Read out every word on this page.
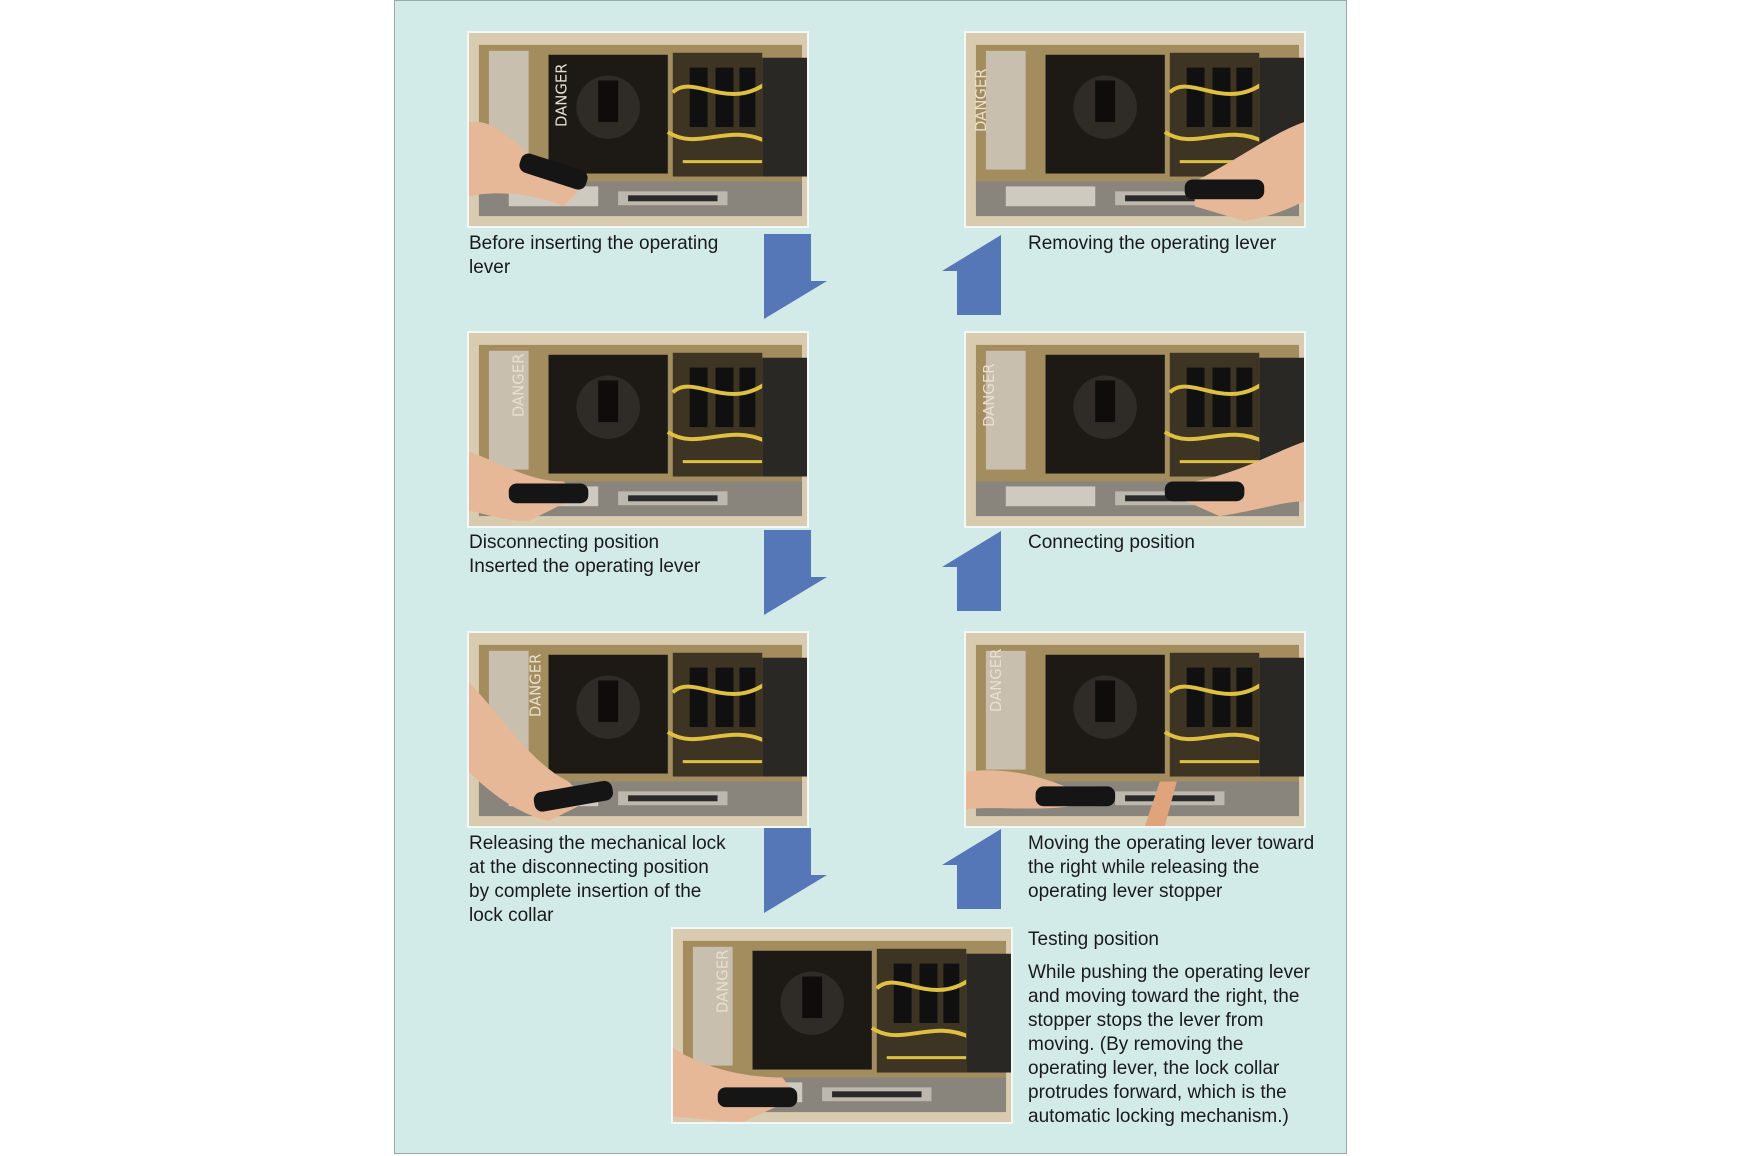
DANGER
DANGER
DANGER
DANGER
DANGER
DANGER
DANGER
Before inserting the operating
lever
Disconnecting position
Inserted the operating lever
Releasing the mechanical lock
at the disconnecting position
by complete insertion of the
lock collar
Testing position
While pushing the operating lever
and moving toward the right, the
stopper stops the lever from
moving. (By removing the
operating lever, the lock collar
protrudes forward, which is the
automatic locking mechanism.)
Moving the operating lever toward
the right while releasing the
operating lever stopper
Connecting position
Removing the operating lever
